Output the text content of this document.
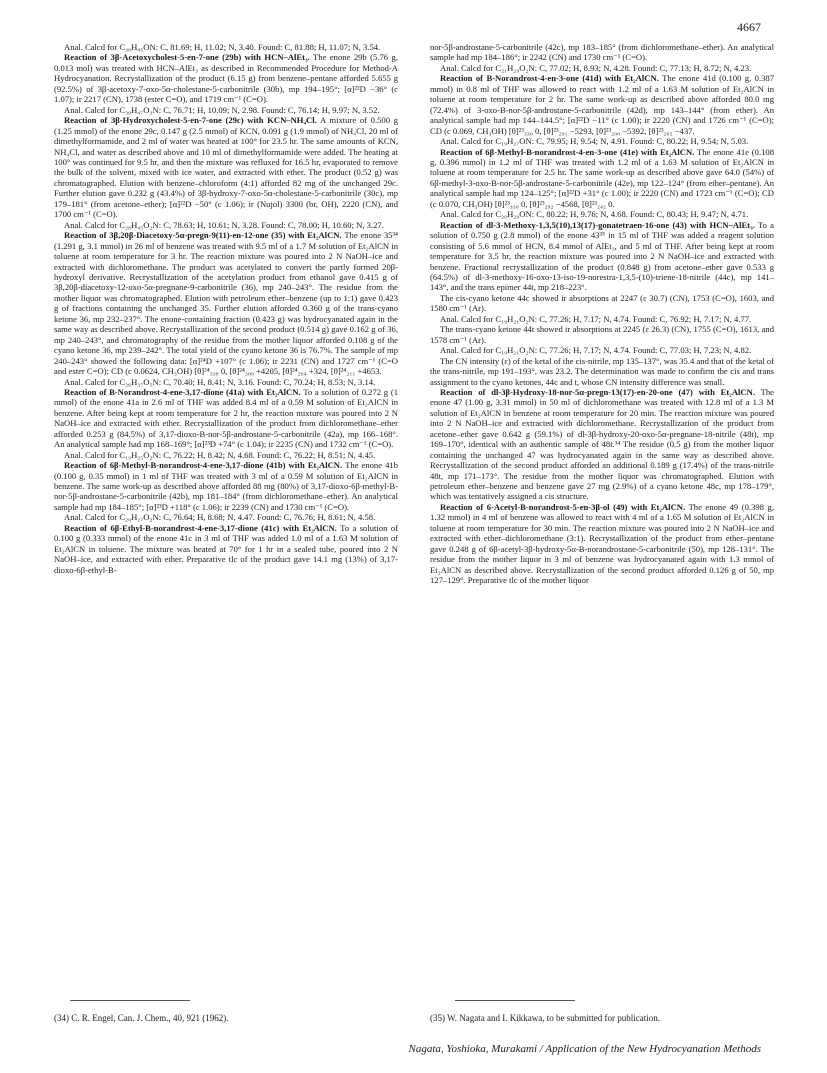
4667

Anal. Calcd for C₃₀H₄₅ON: C, 81.69; H, 11.02; N, 3.40. Found: C, 81.88; H, 11.07; N, 3.54.

Reaction of 3β-Acetoxycholest-5-en-7-one (29b) with HCN–AlEt₃. The enone 29b (5.76 g, 0.013 mol) was treated with HCN–AlEt₃ as described in Recommended Procedure for Method-A Hydrocyanation. Recrystallization of the product (6.15 g) from benzene–pentane afforded 5.655 g (92.5%) of 3β-acetoxy-7-oxo-5α-cholestane-5-carbonitrile (30b), mp 194–195°; [α]²²D −36° (c 1.07); ir 2217 (CN), 1738 (ester C=O), and 1719 cm⁻¹ (C=O).

Anal. Calcd for C₃₀H₄₇O₃N: C, 76.71; H, 10.09; N, 2.98. Found: C, 76.14; H, 9.97; N, 3.52.

Reaction of 3β-Hydroxycholest-5-en-7-one (29c) with KCN–NH₄Cl. A mixture of 0.500 g (1.25 mmol) of the enone 29c, 0.147 g (2.5 mmol) of KCN, 0.091 g (1.9 mmol) of NH₄Cl, 20 ml of dimethylformamide, and 2 ml of water was heated at 100° for 23.5 hr. The same amounts of KCN, NH₄Cl, and water as described above and 10 ml of dimethylformamide were added. The heating at 100° was continued for 9.5 hr, and then the mixture was refluxed for 16.5 hr, evaporated to remove the bulk of the solvent, mixed with ice water, and extracted with ether. The product (0.52 g) was chromatographed. Elution with benzene–chloroform (4:1) afforded 82 mg of the unchanged 29c. Further elution gave 0.232 g (43.4%) of 3β-hydroxy-7-oxo-5α-cholestane-5-carbonitrile (30c), mp 179–181° (from acetone–ether); [α]²²D −50° (c 1.06); ir (Nujol) 3300 (br, OH), 2220 (CN), and 1700 cm⁻¹ (C=O).

Anal. Calcd for C₂₈H₄₅O₂N: C, 78.63; H, 10.61; N, 3.28. Found: C, 78.00; H, 10.60; N, 3.27.

Reaction of 3β,20β-Diacetoxy-5α-pregn-9(11)-en-12-one (35) with Et₂AlCN. The enone 35³⁴ (1.291 g, 3.1 mmol) in 26 ml of benzene was treated with 9.5 ml of a 1.7 M solution of Et₂AlCN in toluene at room temperature for 3 hr. The reaction mixture was poured into 2 N NaOH–ice and extracted with dichloromethane. The product was acetylated to convert the partly formed 20β-hydroxyl derivative. Recrystallization of the acetylation product from ethanol gave 0.415 g of 3β,20β-diacetoxy-12-oxo-5α-pregnane-9-carbonitrile (36), mp 240–243°. The residue from the mother liquor was chromatographed. Elution with petroleum ether–benzene (up to 1:1) gave 0.423 g of fractions containing the unchanged 35. Further elution afforded 0.360 g of the trans-cyano ketone 36, mp 232–237°. The enone-containing fraction (0.423 g) was hydrocyanated again in the same way as described above. Recrystallization of the second product (0.514 g) gave 0.162 g of 36, mp 240–243°, and chromatography of the residue from the mother liquor afforded 0.108 g of the cyano ketone 36, mp 239–242°. The total yield of the cyano ketone 36 is 76.7%. The sample of mp 240–243° showed the following data: [α]²⁴D +107° (c 1.06); ir 2231 (CN) and 1727 cm⁻¹ (C=O and ester C=O); CD (c 0.0624, CH₃OH) [θ]²⁴₃₃₈ 0, [θ]²⁴₃₀₀ +4205, [θ]²⁴₂₆₄ +324, [θ]²⁴₂₁₁ +4653.

Anal. Calcd for C₂₆H₃₇O₅N: C, 70.40; H, 8.41; N, 3.16. Found: C, 70.24; H, 8.53; N, 3.14.

Reaction of B-Norandrost-4-ene-3,17-dione (41a) with Et₂AlCN. To a solution of 0.272 g (1 mmol) of the enone 41a in 2.6 ml of THF was added 8.4 ml of a 0.59 M solution of Et₂AlCN in benzene. After being kept at room temperature for 2 hr, the reaction mixture was poured into 2 N NaOH–ice and extracted with ether. Recrystallization of the product from dichloromethane–ether afforded 0.253 g (84.5%) of 3,17-dioxo-B-nor-5β-androstane-5-carbonitrile (42a), mp 166–168°. An analytical sample had mp 168–169°; [α]²³D +74° (c 1.04); ir 2235 (CN) and 1732 cm⁻¹ (C=O).

Anal. Calcd for C₁₉H₂₅O₂N: C, 76.22; H, 8.42; N, 4.68. Found: C, 76.22; H, 8.51; N, 4.45.

Reaction of 6β-Methyl-B-norandrost-4-ene-3,17-dione (41b) with Et₂AlCN. The enone 41b (0.100 g, 0.35 mmol) in 1 ml of THF was treated with 3 ml of a 0.59 M solution of Et₂AlCN in benzene. The same work-up as described above afforded 88 mg (80%) of 3,17-dioxo-6β-methyl-B-nor-5β-androstane-5-carbonitrile (42b), mp 181–184° (from dichloromethane–ether). An analytical sample had mp 184–185°; [α]²³D +118° (c 1.06); ir 2239 (CN) and 1730 cm⁻¹ (C=O).

Anal. Calcd for C₂₀H₂₇O₂N: C, 76.64; H, 8.68; N, 4.47. Found: C, 76.76; H, 8.61; N, 4.58.

Reaction of 6β-Ethyl-B-norandrost-4-ene-3,17-dione (41c) with Et₂AlCN. To a solution of 0.100 g (0.333 mmol) of the enone 41c in 3 ml of THF was added 1.0 ml of a 1.63 M solution of Et₂AlCN in toluene. The mixture was heated at 70° for 1 hr in a sealed tube, poured into 2 N NaOH–ice, and extracted with ether. Preparative tlc of the product gave 14.1 mg (13%) of 3,17-dioxo-6β-ethyl-B-

nor-5β-androstane-5-carbonitrile (42c), mp 183–185° (from dichloromethane–ether). An analytical sample had mp 184–186°; ir 2242 (CN) and 1730 cm⁻¹ (C=O).

Anal. Calcd for C₂₁H₂₉O₂N: C, 77.02; H, 8.93; N, 4.28. Found: C, 77.13; H, 8.72; N, 4.23.

Reaction of B-Norandrost-4-en-3-one (41d) with Et₂AlCN. The enone 41d (0.100 g, 0.387 mmol) in 0.8 ml of THF was allowed to react with 1.2 ml of a 1.63 M solution of Et₂AlCN in toluene at room temperature for 2 hr. The same work-up as described above afforded 80.0 mg (72.4%) of 3-oxo-B-nor-5β-androstane-5-carbonitrile (42d), mp 143–144° (from ether). An analytical sample had mp 144–144.5°; [α]²²D −11° (c 1.00); ir 2220 (CN) and 1726 cm⁻¹ (C=O); CD (c 0.069, CH₃OH) [θ]²³₃₃₀ 0, [θ]²³₂₉₁ −5293, [θ]²³₂₉₀ −5392, [θ]²³₂₆₅ −437.

Anal. Calcd for C₁₉H₂₇ON: C, 79.95; H, 9.54; N, 4.91. Found: C, 80.22; H, 9.54; N, 5.03.

Reaction of 6β-Methyl-B-norandrost-4-en-3-one (41e) with Et₂AlCN. The enone 41e (0.108 g, 0.396 mmol) in 1.2 ml of THF was treated with 1.2 ml of a 1.63 M solution of Et₂AlCN in toluene at room temperature for 2.5 hr. The same work-up as described above gave 64.0 (54%) of 6β-methyl-3-oxo-B-nor-5β-androstane-5-carbonitrile (42e), mp 122–124° (from ether–pentane). An analytical sample had mp 124–125°; [α]²²D +31° (c 1.00); ir 2220 (CN) and 1723 cm⁻¹ (C=O); CD (c 0.070, CH₃OH) [θ]²³₃₃₀ 0, [θ]²³₂₉₂ −4568, [θ]²³₂₄₂ 0.

Anal. Calcd for C₂₀H₂₉ON: C, 80.22; H, 9.76; N, 4.68. Found: C, 80.43; H, 9.47; N, 4.71.

Reaction of dl-3-Methoxy-1,3,5(10),13(17)-gonatetraen-16-one (43) with HCN–AlEt₃. To a solution of 0.750 g (2.8 mmol) of the enone 43³⁵ in 15 ml of THF was added a reagent solution consisting of 5.6 mmol of HCN, 8.4 mmol of AlEt₃, and 5 ml of THF. After being kept at room temperature for 3.5 hr, the reaction mixture was poured into 2 N NaOH–ice and extracted with benzene. Fractional recrystallization of the product (0.848 g) from acetone–ether gave 0.533 g (64.5%) of dl-3-methoxy-16-oxo-13-iso-19-norestra-1,3,5-(10)-triene-18-nitrile (44c), mp 141–143°, and the trans epimer 44t, mp 218–223°.

The cis-cyano ketone 44c showed ir absorptions at 2247 (ε 30.7) (CN), 1753 (C=O), 1603, and 1580 cm⁻¹ (Ar).

Anal. Calcd for C₁₉H₂₁O₂N: C, 77.26; H, 7.17; N, 4.74. Found: C, 76.92; H, 7.17; N, 4.77.

The trans-cyano ketone 44t showed ir absorptions at 2245 (ε 26.3) (CN), 1755 (C=O), 1613, and 1578 cm⁻¹ (Ar).

Anal. Calcd for C₁₉H₂₁O₂N: C, 77.26; H, 7.17; N, 4.74. Found: C, 77.03; H, 7.23; N, 4.82.

The CN intensity (ε) of the ketal of the cis-nitrile, mp 135–137°, was 35.4 and that of the ketal of the trans-nitrile, mp 191–193°, was 23.2. The determination was made to confirm the cis and trans assignment to the cyano ketones, 44c and t, whose CN intensity difference was small.

Reaction of dl-3β-Hydroxy-18-nor-5α-pregn-13(17)-en-20-one (47) with Et₂AlCN. The enone 47 (1.00 g, 3.31 mmol) in 50 ml of dichloromethane was treated with 12.8 ml of a 1.3 M solution of Et₂AlCN in benzene at room temperature for 20 min. The reaction mixture was poured into 2 N NaOH–ice and extracted with dichloromethane. Recrystallization of the product from acetone–ether gave 0.642 g (59.1%) of dl-3β-hydroxy-20-oxo-5α-pregnane-18-nitrile (48t), mp 169–170°, identical with an authentic sample of 48t.³⁴ The residue (0.5 g) from the mother liquor containing the unchanged 47 was hydrocyanated again in the same way as described above. Recrystallization of the second product afforded an additional 0.189 g (17.4%) of the trans-nitrile 48t, mp 171–173°. The residue from the mother liquor was chromatographed. Elution with petroleum ether–benzene and benzene gave 27 mg (2.9%) of a cyano ketone 48c, mp 178–179°, which was tentatively assigned a cis structure.

Reaction of 6-Acetyl-B-norandrost-5-en-3β-ol (49) with Et₂AlCN. The enone 49 (0.398 g, 1.32 mmol) in 4 ml of benzene was allowed to react with 4 ml of a 1.65 M solution of Et₂AlCN in toluene at room temperature for 30 min. The reaction mixture was poured into 2 N NaOH–ice and extracted with ether–dichloromethane (3:1). Recrystallization of the product from ether–pentane gave 0.248 g of 6β-acetyl-3β-hydroxy-5α-B-norandrostane-5-carbonitrile (50), mp 128–131°. The residue from the mother liquor in 3 ml of benzene was hydrocyanated again with 1.3 mmol of Et₂AlCN as described above. Recrystallization of the second product afforded 0.126 g of 50, mp 127–129°. Preparative tlc of the mother liquor

(34) C. R. Engel, Can. J. Chem., 40, 921 (1962).	(35) W. Nagata and I. Kikkawa, to be submitted for publication.
Nagata, Yoshioka, Murakami / Application of the New Hydrocyanation Methods
